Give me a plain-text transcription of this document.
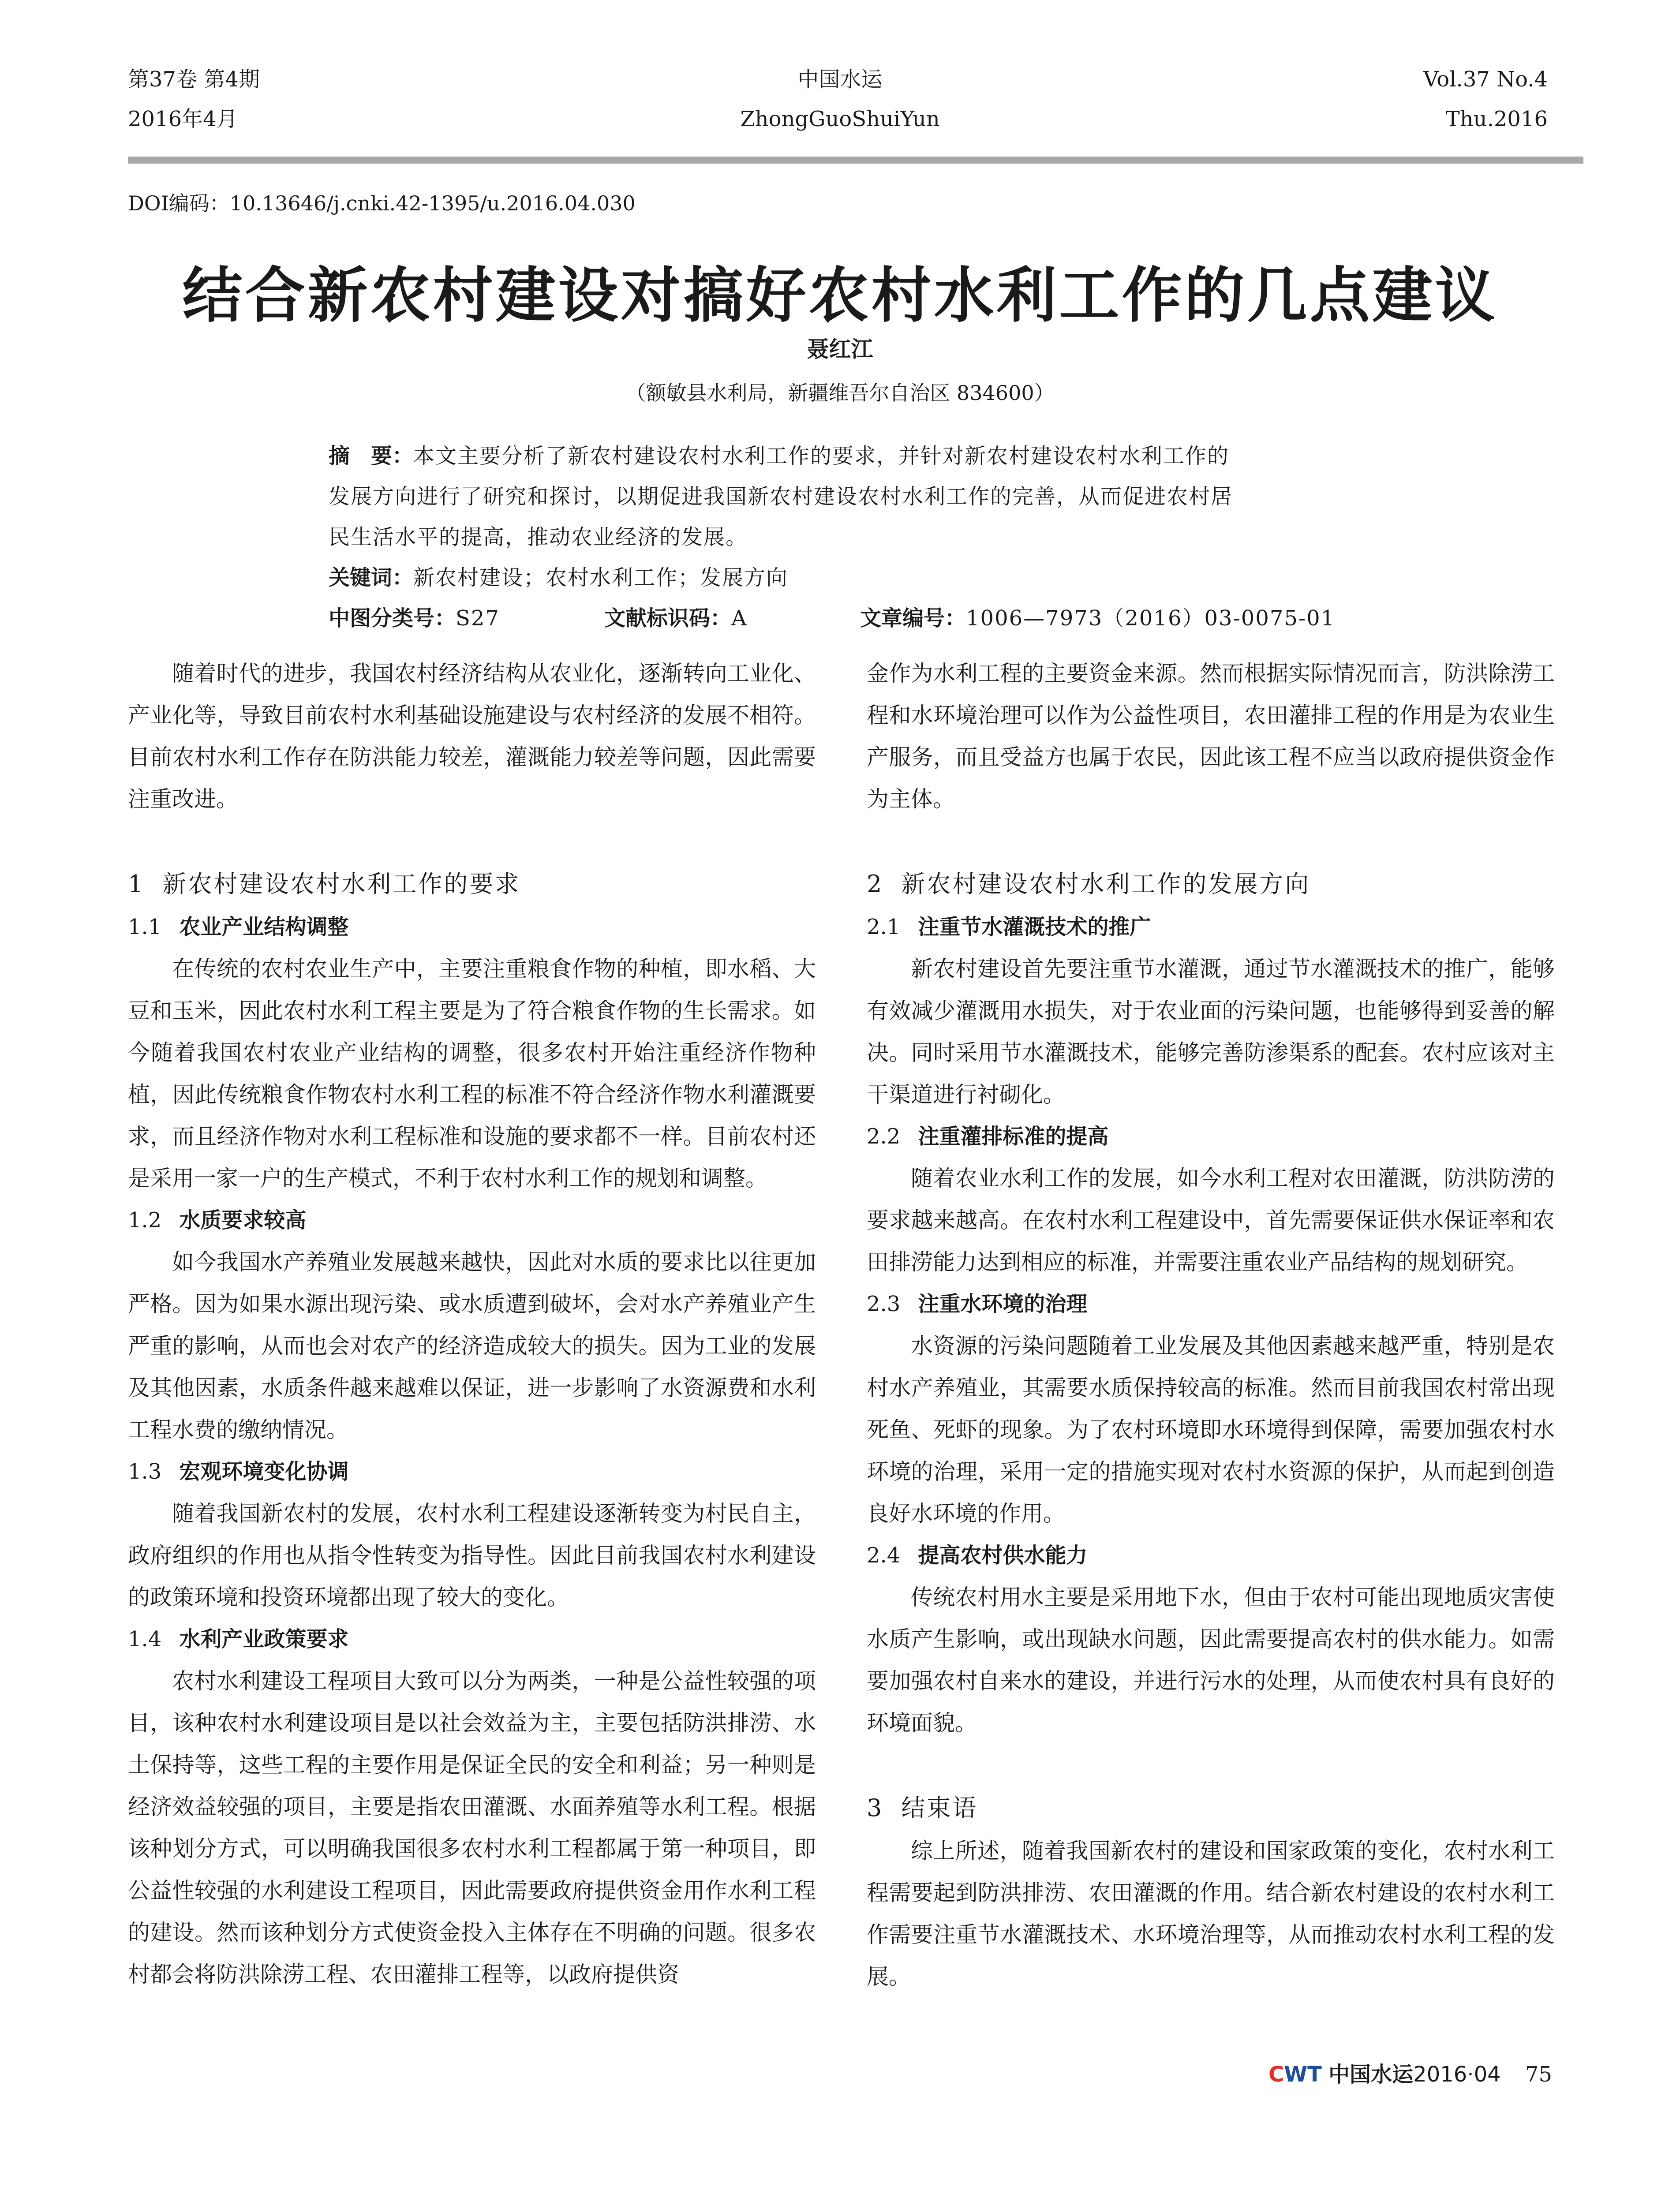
第37卷 第4期
2016年4月
中国水运
ZhongGuoShuiYun
Vol.37 No.4
Thu.2016
DOI编码：10.13646/j.cnki.42-1395/u.2016.04.030
结合新农村建设对搞好农村水利工作的几点建议
聂红江
（额敏县水利局，新疆维吾尔自治区 834600）
摘　要：本文主要分析了新农村建设农村水利工作的要求，并针对新农村建设农村水利工作的
发展方向进行了研究和探讨，以期促进我国新农村建设农村水利工作的完善，从而促进农村居
民生活水平的提高，推动农业经济的发展。
关键词：新农村建设；农村水利工作；发展方向
中图分类号：S27	文献标识码：A	文章编号：1006—7973（2016）03-0075-01

随着时代的进步，我国农村经济结构从农业化，逐渐转向工业化、产业化等，导致目前农村水利基础设施建设与农村经济的发展不相符。目前农村水利工作存在防洪能力较差，灌溉能力较差等问题，因此需要注重改进。

1 新农村建设农村水利工作的要求
1.1 农业产业结构调整

在传统的农村农业生产中，主要注重粮食作物的种植，即水稻、大豆和玉米，因此农村水利工程主要是为了符合粮食作物的生长需求。如今随着我国农村农业产业结构的调整，很多农村开始注重经济作物种植，因此传统粮食作物农村水利工程的标准不符合经济作物水利灌溉要求，而且经济作物对水利工程标准和设施的要求都不一样。目前农村还是采用一家一户的生产模式，不利于农村水利工作的规划和调整。

1.2 水质要求较高

如今我国水产养殖业发展越来越快，因此对水质的要求比以往更加严格。因为如果水源出现污染、或水质遭到破坏，会对水产养殖业产生严重的影响，从而也会对农产的经济造成较大的损失。因为工业的发展及其他因素，水质条件越来越难以保证，进一步影响了水资源费和水利工程水费的缴纳情况。

1.3 宏观环境变化协调

随着我国新农村的发展，农村水利工程建设逐渐转变为村民自主，政府组织的作用也从指令性转变为指导性。因此目前我国农村水利建设的政策环境和投资环境都出现了较大的变化。

1.4 水利产业政策要求

农村水利建设工程项目大致可以分为两类，一种是公益性较强的项目，该种农村水利建设项目是以社会效益为主，主要包括防洪排涝、水土保持等，这些工程的主要作用是保证全民的安全和利益；另一种则是经济效益较强的项目，主要是指农田灌溉、水面养殖等水利工程。根据该种划分方式，可以明确我国很多农村水利工程都属于第一种项目，即公益性较强的水利建设工程项目，因此需要政府提供资金用作水利工程的建设。然而该种划分方式使资金投入主体存在不明确的问题。很多农村都会将防洪除涝工程、农田灌排工程等，以政府提供资

金作为水利工程的主要资金来源。然而根据实际情况而言，防洪除涝工程和水环境治理可以作为公益性项目，农田灌排工程的作用是为农业生产服务，而且受益方也属于农民，因此该工程不应当以政府提供资金作为主体。

2 新农村建设农村水利工作的发展方向
2.1 注重节水灌溉技术的推广

新农村建设首先要注重节水灌溉，通过节水灌溉技术的推广，能够有效减少灌溉用水损失，对于农业面的污染问题，也能够得到妥善的解决。同时采用节水灌溉技术，能够完善防渗渠系的配套。农村应该对主干渠道进行衬砌化。

2.2 注重灌排标准的提高

随着农业水利工作的发展，如今水利工程对农田灌溉，防洪防涝的要求越来越高。在农村水利工程建设中，首先需要保证供水保证率和农田排涝能力达到相应的标准，并需要注重农业产品结构的规划研究。

2.3 注重水环境的治理

水资源的污染问题随着工业发展及其他因素越来越严重，特别是农村水产养殖业，其需要水质保持较高的标准。然而目前我国农村常出现死鱼、死虾的现象。为了农村环境即水环境得到保障，需要加强农村水环境的治理，采用一定的措施实现对农村水资源的保护，从而起到创造良好水环境的作用。

2.4 提高农村供水能力

传统农村用水主要是采用地下水，但由于农村可能出现地质灾害使水质产生影响，或出现缺水问题，因此需要提高农村的供水能力。如需要加强农村自来水的建设，并进行污水的处理，从而使农村具有良好的环境面貌。

3 结束语

综上所述，随着我国新农村的建设和国家政策的变化，农村水利工程需要起到防洪排涝、农田灌溉的作用。结合新农村建设的农村水利工作需要注重节水灌溉技术、水环境治理等，从而推动农村水利工程的发展。

CWT 中国水运2016·04 75
